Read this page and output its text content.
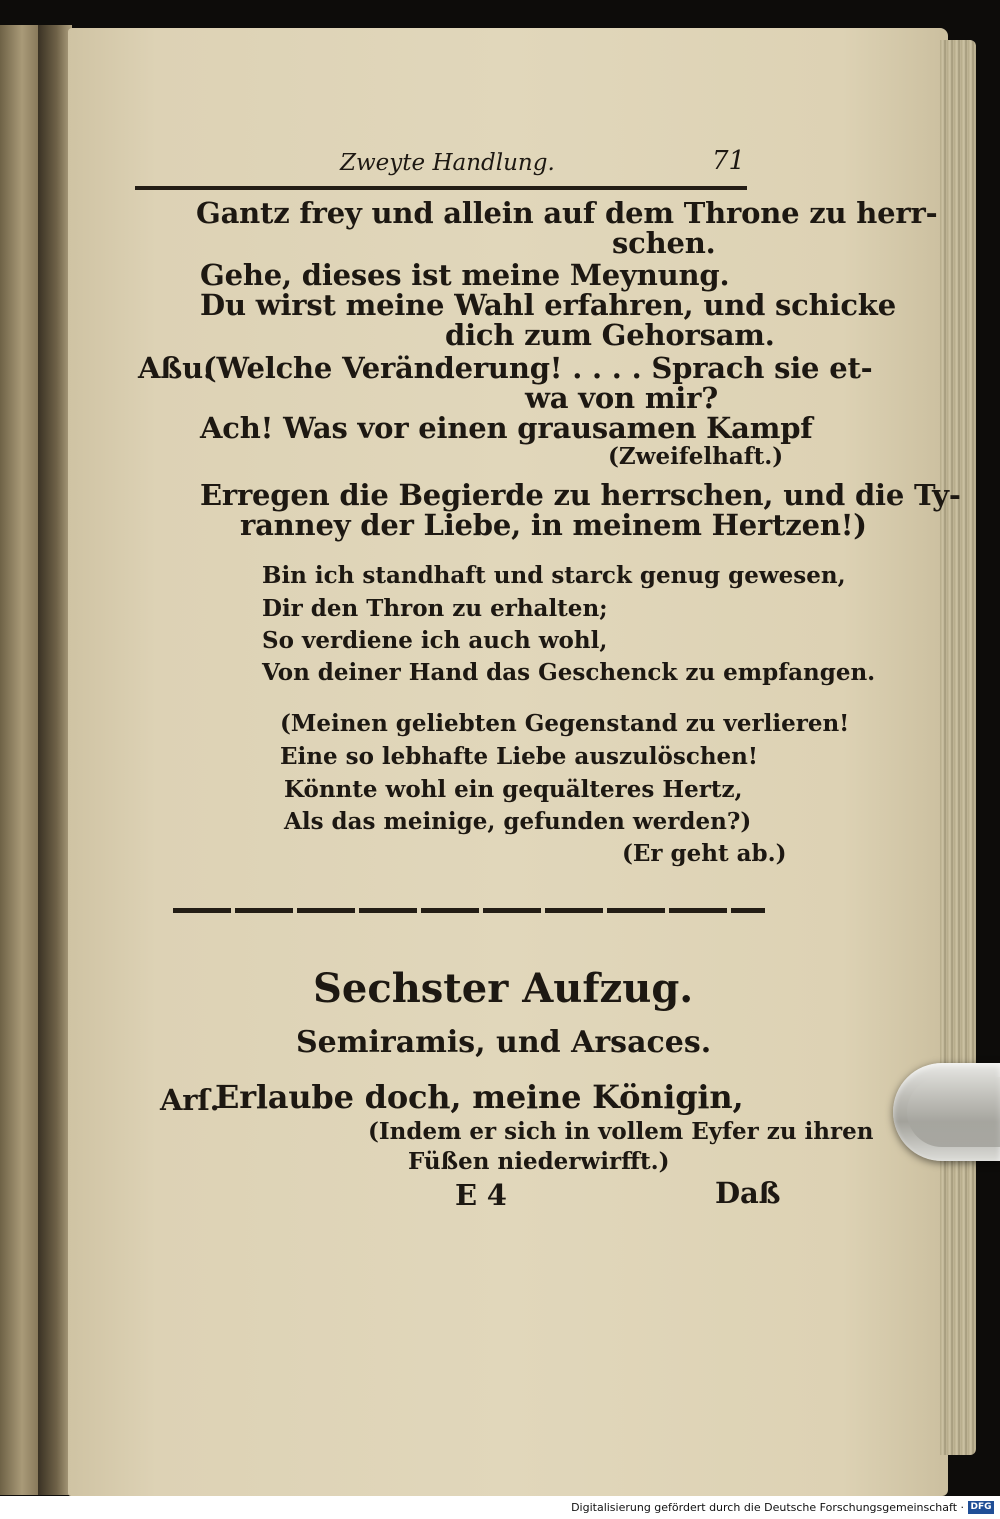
Zweyte Handlung.	71
Gantz frey und allein auf dem Throne zu herr-
schen.
Gehe, dieses ist meine Meynung.
Du wirst meine Wahl erfahren, und schicke
dich zum Gehorsam.
Aßu.
(Welche Veränderung! . . . . Sprach sie et-
wa von mir?
Ach! Was vor einen grausamen Kampf
(Zweifelhaft.)
Erregen die Begierde zu herrschen, und die Ty-
ranney der Liebe, in meinem Hertzen!)
Bin ich standhaft und starck genug gewesen,
Dir den Thron zu erhalten;
So verdiene ich auch wohl,
Von deiner Hand das Geschenck zu empfangen.
(Meinen geliebten Gegenstand zu verlieren!
Eine so lebhafte Liebe auszulöschen!
Könnte wohl ein gequälteres Hertz,
Als das meinige, gefunden werden?)
(Er geht ab.)
Sechster Aufzug.
Semiramis, und Arsaces.
Arſ.
Erlaube doch, meine Königin,
(Indem er sich in vollem Eyfer zu ihren
Füßen niederwirfft.)
E 4	Daß
Digitalisierung gefördert durch die Deutsche Forschungsgemeinschaft · DFG
